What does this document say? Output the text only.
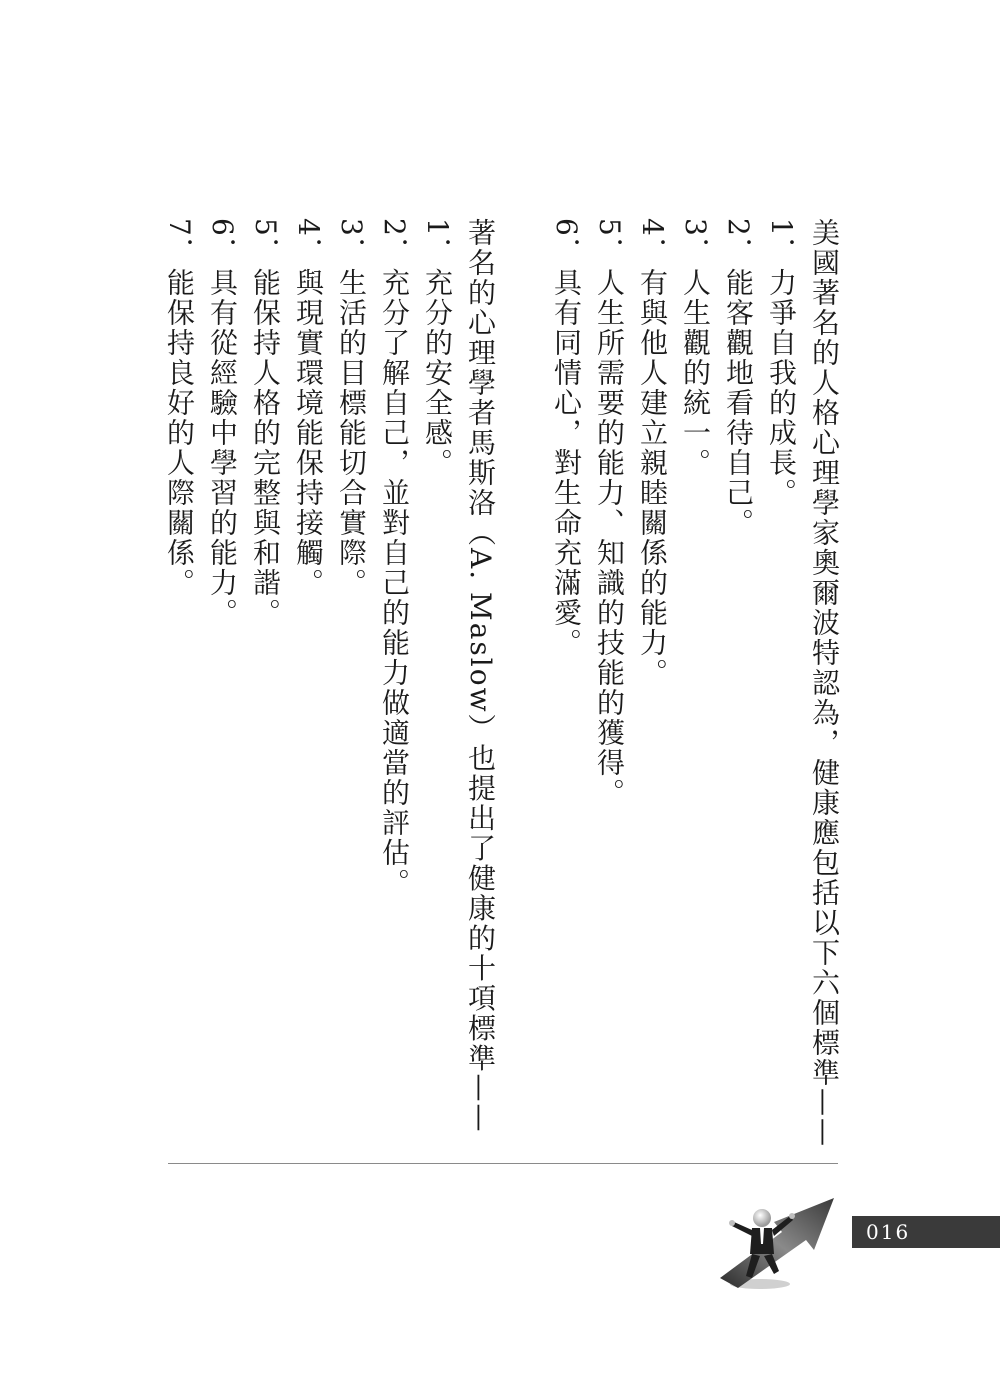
美國著名的人格心理學家奧爾波特認為，健康應包括以下六個標準——
1．力爭自我的成長。
2．能客觀地看待自己。
3．人生觀的統一。
4．有與他人建立親睦關係的能力。
5．人生所需要的能力、知識的技能的獲得。
6．具有同情心，對生命充滿愛。
著名的心理學者馬斯洛（A. Maslow）也提出了健康的十項標準——
1．充分的安全感。
2．充分了解自己，並對自己的能力做適當的評估。
3．生活的目標能切合實際。
4．與現實環境能保持接觸。
5．能保持人格的完整與和諧。
6．具有從經驗中學習的能力。
7．能保持良好的人際關係。
016
